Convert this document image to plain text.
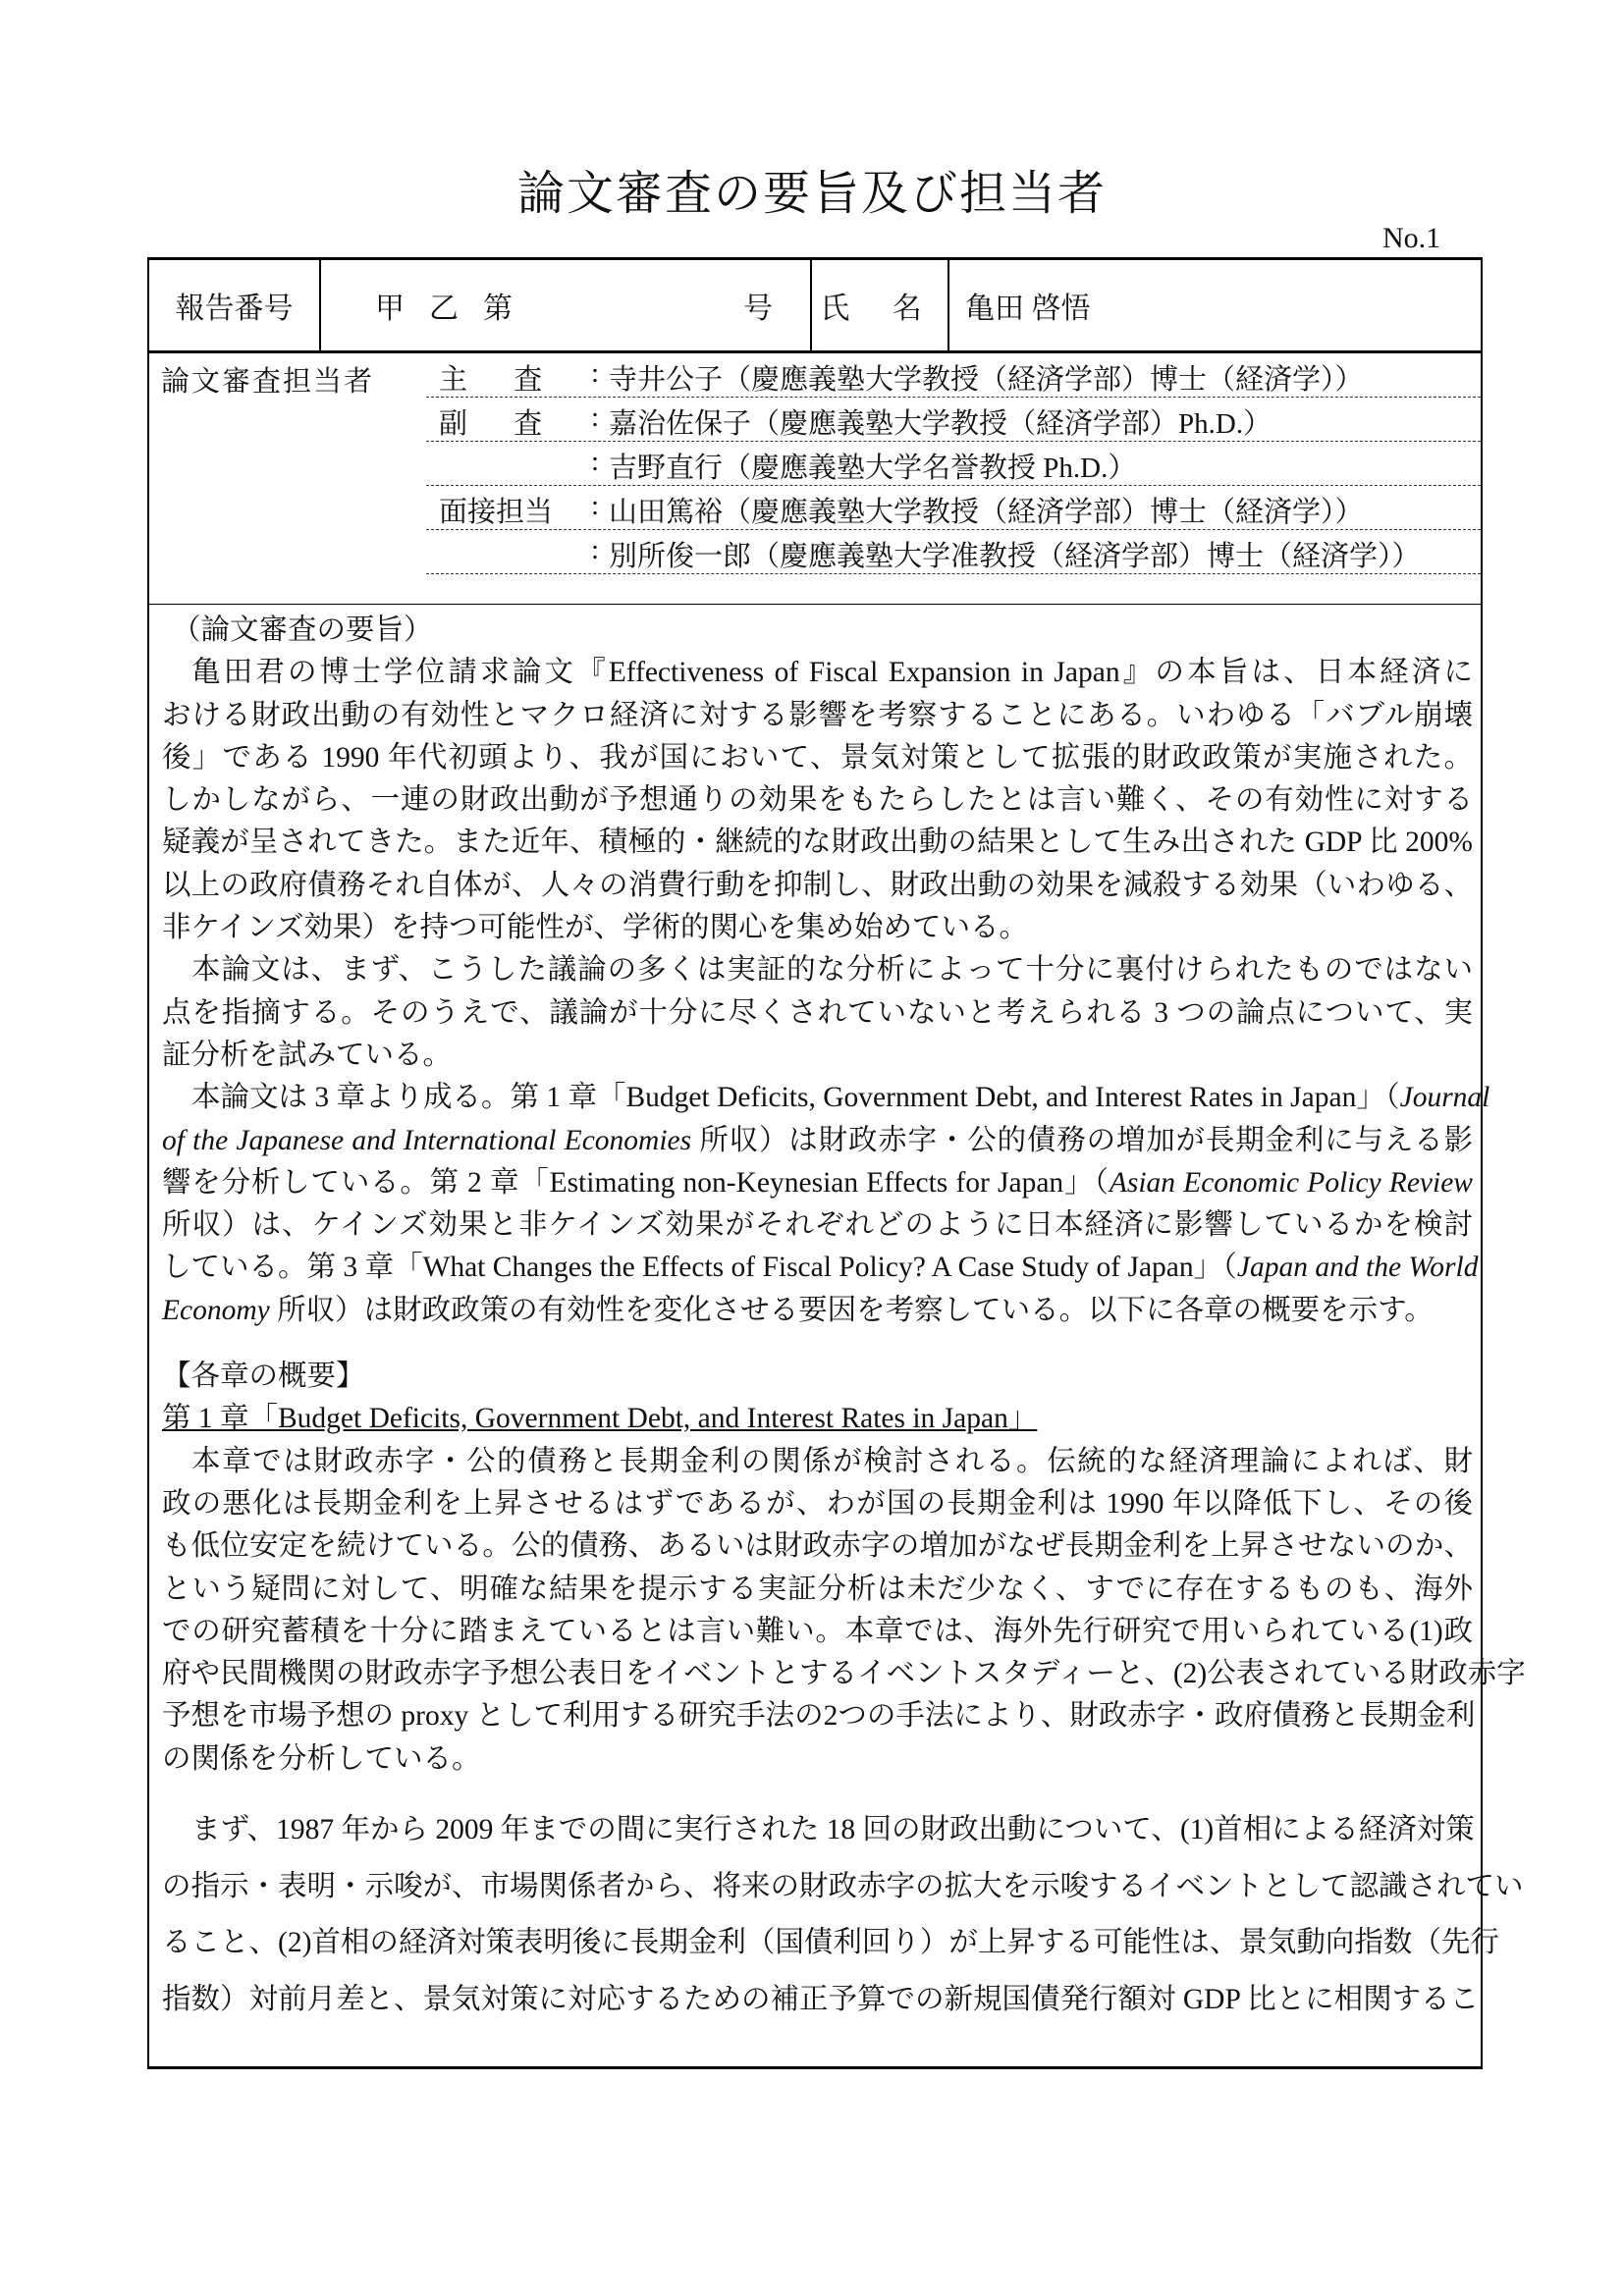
論文審査の要旨及び担当者
No.1
報告番号	甲 乙 第	号 氏 名 亀田 啓悟
論文審査担当者 主 査 : 寺井公子（慶應義塾大学教授（経済学部）博士（経済学））
副 査 : 嘉治佐保子（慶應義塾大学教授（経済学部）Ph.D.）
: 吉野直行（慶應義塾大学名誉教授 Ph.D.）
面接担当 : 山田篤裕（慶應義塾大学教授（経済学部）博士（経済学））
: 別所俊一郎（慶應義塾大学准教授（経済学部）博士（経済学））
（論文審査の要旨）
亀田君の博士学位請求論文『Effectiveness of Fiscal Expansion in Japan』の本旨は、日本経済に
おける財政出動の有効性とマクロ経済に対する影響を考察することにある。いわゆる「バブル崩壊
後」である 1990 年代初頭より、我が国において、景気対策として拡張的財政政策が実施された。
しかしながら、一連の財政出動が予想通りの効果をもたらしたとは言い難く、その有効性に対する
疑義が呈されてきた。また近年、積極的・継続的な財政出動の結果として生み出された GDP 比 200%
以上の政府債務それ自体が、人々の消費行動を抑制し、財政出動の効果を減殺する効果（いわゆる、
非ケインズ効果）を持つ可能性が、学術的関心を集め始めている。
本論文は、まず、こうした議論の多くは実証的な分析によって十分に裏付けられたものではない
点を指摘する。そのうえで、議論が十分に尽くされていないと考えられる 3 つの論点について、実
証分析を試みている。
本論文は 3 章より成る。第 1 章「Budget Deficits, Government Debt, and Interest Rates in Japan」（Journal
of the Japanese and International Economies 所収）は財政赤字・公的債務の増加が長期金利に与える影
響を分析している。第 2 章「Estimating non-Keynesian Effects for Japan」（Asian Economic Policy Review
所収）は、ケインズ効果と非ケインズ効果がそれぞれどのように日本経済に影響しているかを検討
している。第 3 章「What Changes the Effects of Fiscal Policy? A Case Study of Japan」（Japan and the World
Economy 所収）は財政政策の有効性を変化させる要因を考察している。以下に各章の概要を示す。
【各章の概要】
第 1 章「Budget Deficits, Government Debt, and Interest Rates in Japan」
本章では財政赤字・公的債務と長期金利の関係が検討される。伝統的な経済理論によれば、財
政の悪化は長期金利を上昇させるはずであるが、わが国の長期金利は 1990 年以降低下し、その後
も低位安定を続けている。公的債務、あるいは財政赤字の増加がなぜ長期金利を上昇させないのか、
という疑問に対して、明確な結果を提示する実証分析は未だ少なく、すでに存在するものも、海外
での研究蓄積を十分に踏まえているとは言い難い。本章では、海外先行研究で用いられている(1)政
府や民間機関の財政赤字予想公表日をイベントとするイベントスタディーと、(2)公表されている財政赤字
予想を市場予想の proxy として利用する研究手法の2つの手法により、財政赤字・政府債務と長期金利
の関係を分析している。
まず、1987 年から 2009 年までの間に実行された 18 回の財政出動について、(1)首相による経済対策
の指示・表明・示唆が、市場関係者から、将来の財政赤字の拡大を示唆するイベントとして認識されてい
ること、(2)首相の経済対策表明後に長期金利（国債利回り）が上昇する可能性は、景気動向指数（先行
指数）対前月差と、景気対策に対応するための補正予算での新規国債発行額対 GDP 比とに相関するこ
